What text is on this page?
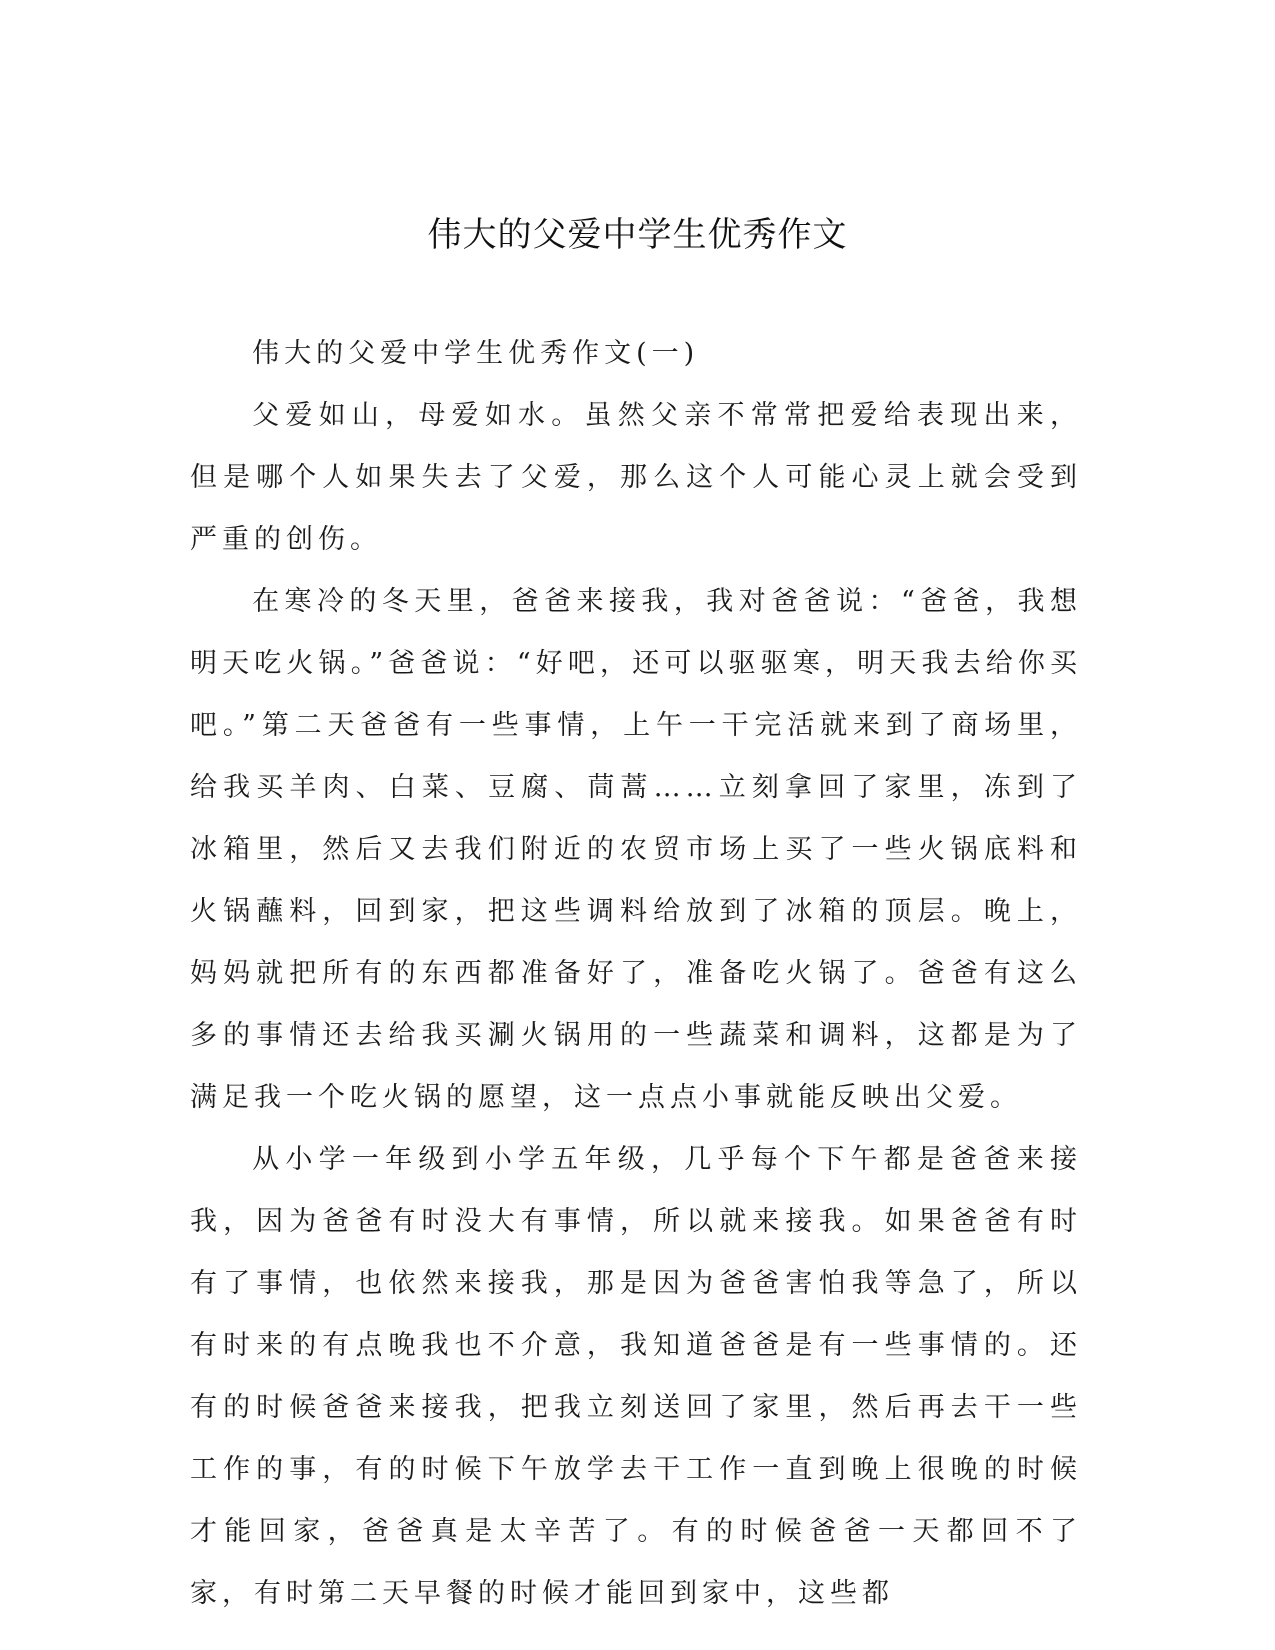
伟大的父爱中学生优秀作文

伟大的父爱中学生优秀作文(一)

父爱如山，母爱如水。虽然父亲不常常把爱给表现出来，但是哪个人如果失去了父爱，那么这个人可能心灵上就会受到严重的创伤。

在寒冷的冬天里，爸爸来接我，我对爸爸说：“爸爸，我想明天吃火锅。”爸爸说：“好吧，还可以驱驱寒，明天我去给你买吧。”第二天爸爸有一些事情，上午一干完活就来到了商场里，给我买羊肉、白菜、豆腐、茼蒿……立刻拿回了家里，冻到了冰箱里，然后又去我们附近的农贸市场上买了一些火锅底料和火锅蘸料，回到家，把这些调料给放到了冰箱的顶层。晚上，妈妈就把所有的东西都准备好了，准备吃火锅了。爸爸有这么多的事情还去给我买涮火锅用的一些蔬菜和调料，这都是为了满足我一个吃火锅的愿望，这一点点小事就能反映出父爱。

从小学一年级到小学五年级，几乎每个下午都是爸爸来接我，因为爸爸有时没大有事情，所以就来接我。如果爸爸有时有了事情，也依然来接我，那是因为爸爸害怕我等急了，所以有时来的有点晚我也不介意，我知道爸爸是有一些事情的。还有的时候爸爸来接我，把我立刻送回了家里，然后再去干一些工作的事，有的时候下午放学去干工作一直到晚上很晚的时候才能回家，爸爸真是太辛苦了。有的时候爸爸一天都回不了家，有时第二天早餐的时候才能回到家中，这些都
